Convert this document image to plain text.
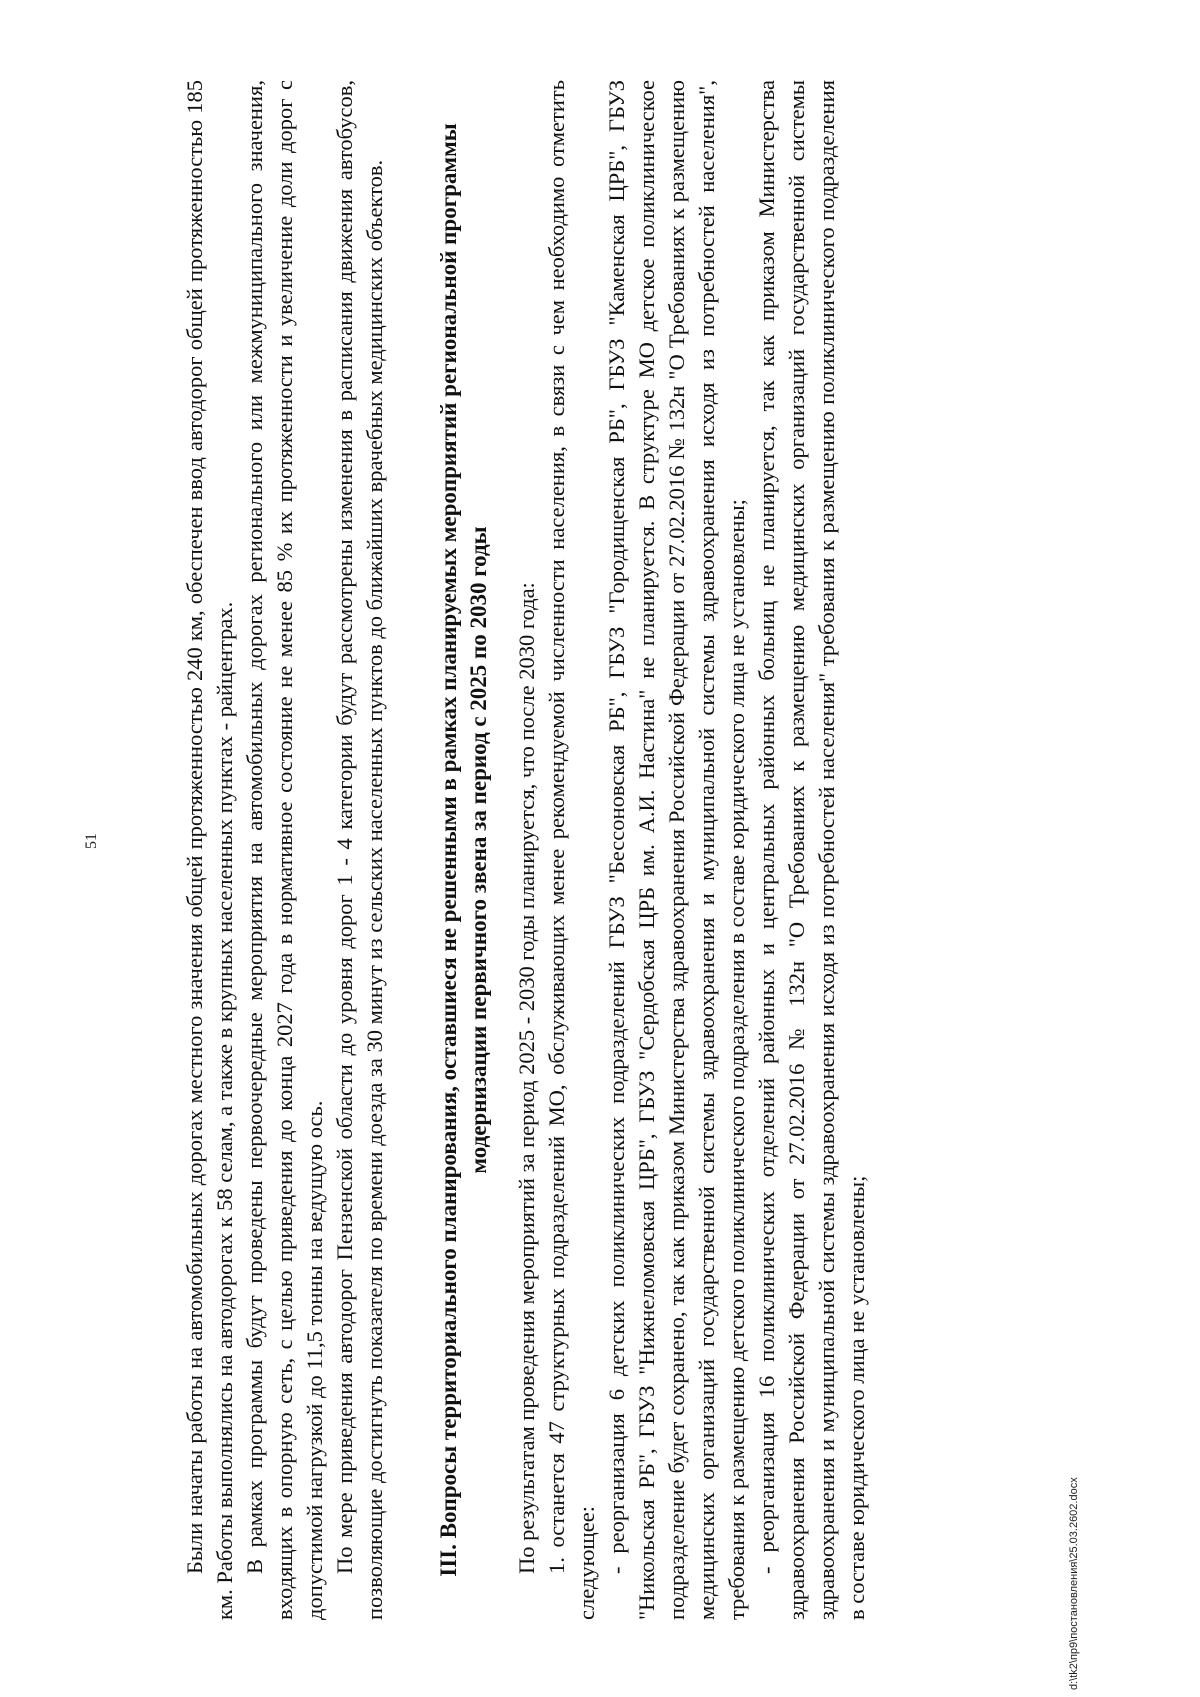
51	Были начаты работы на автомобильных дорогах местного значения общей протяженностью 240 км, обеспечен ввод автодорог общей протяженностью 185 км. Работы выполнялись на автодорогах к 58 селам, а также в крупных населенных пунктах - райцентрах. В рамках программы будут проведены первоочередные мероприятия на автомобильных дорогах регионального или межмуниципального значения, входящих в опорную сеть, с целью приведения до конца 2027 года в нормативное состояние не менее 85 % их протяженности и увеличение доли дорог с допустимой нагрузкой до 11,5 тонны на ведущую ось. По мере приведения автодорог Пензенской области до уровня дорог 1 - 4 категории будут рассмотрены изменения в расписания движения автобусов, позволяющие достигнуть показателя по времени доезда за 30 минут из сельских населенных пунктов до ближайших врачебных медицинских объектов. III. Вопросы территориального планирования, оставшиеся не решенными в рамках планируемых мероприятий региональной программы модернизации первичного звена за период с 2025 по 2030 годы По результатам проведения мероприятий за период 2025 - 2030 годы планируется, что после 2030 года: 1. останется 47 структурных подразделений МО, обслуживающих менее рекомендуемой численности населения, в связи с чем необходимо отметить следующее: - реорганизация 6 детских поликлинических подразделений ГБУЗ "Бессоновская РБ", ГБУЗ "Городищенская РБ", ГБУЗ "Каменская ЦРБ", ГБУЗ "Никольская РБ", ГБУЗ "Нижнеломовская ЦРБ", ГБУЗ "Сердобская ЦРБ им. А.И. Настина" не планируется. В структуре МО детское поликлиническое подразделение будет сохранено, так как приказом Министерства здравоохранения Российской Федерации от 27.02.2016 № 132н "О Требованиях к размещению медицинских организаций государственной системы здравоохранения и муниципальной системы здравоохранения исходя из потребностей населения", требования к размещению детского поликлинического подразделения в составе юридического лица не установлены; - реорганизация 16 поликлинических отделений районных и центральных районных больниц не планируется, так как приказом Министерства здравоохранения Российской Федерации от 27.02.2016 № 132н "О Требованиях к размещению медицинских организаций государственной системы здравоохранения и муниципальной системы здравоохранения исходя из потребностей населения" требования к размещению поликлинического подразделения в составе юридического лица не установлены;	d:\tk2\пр9\постановления\25.03.2602.docx
